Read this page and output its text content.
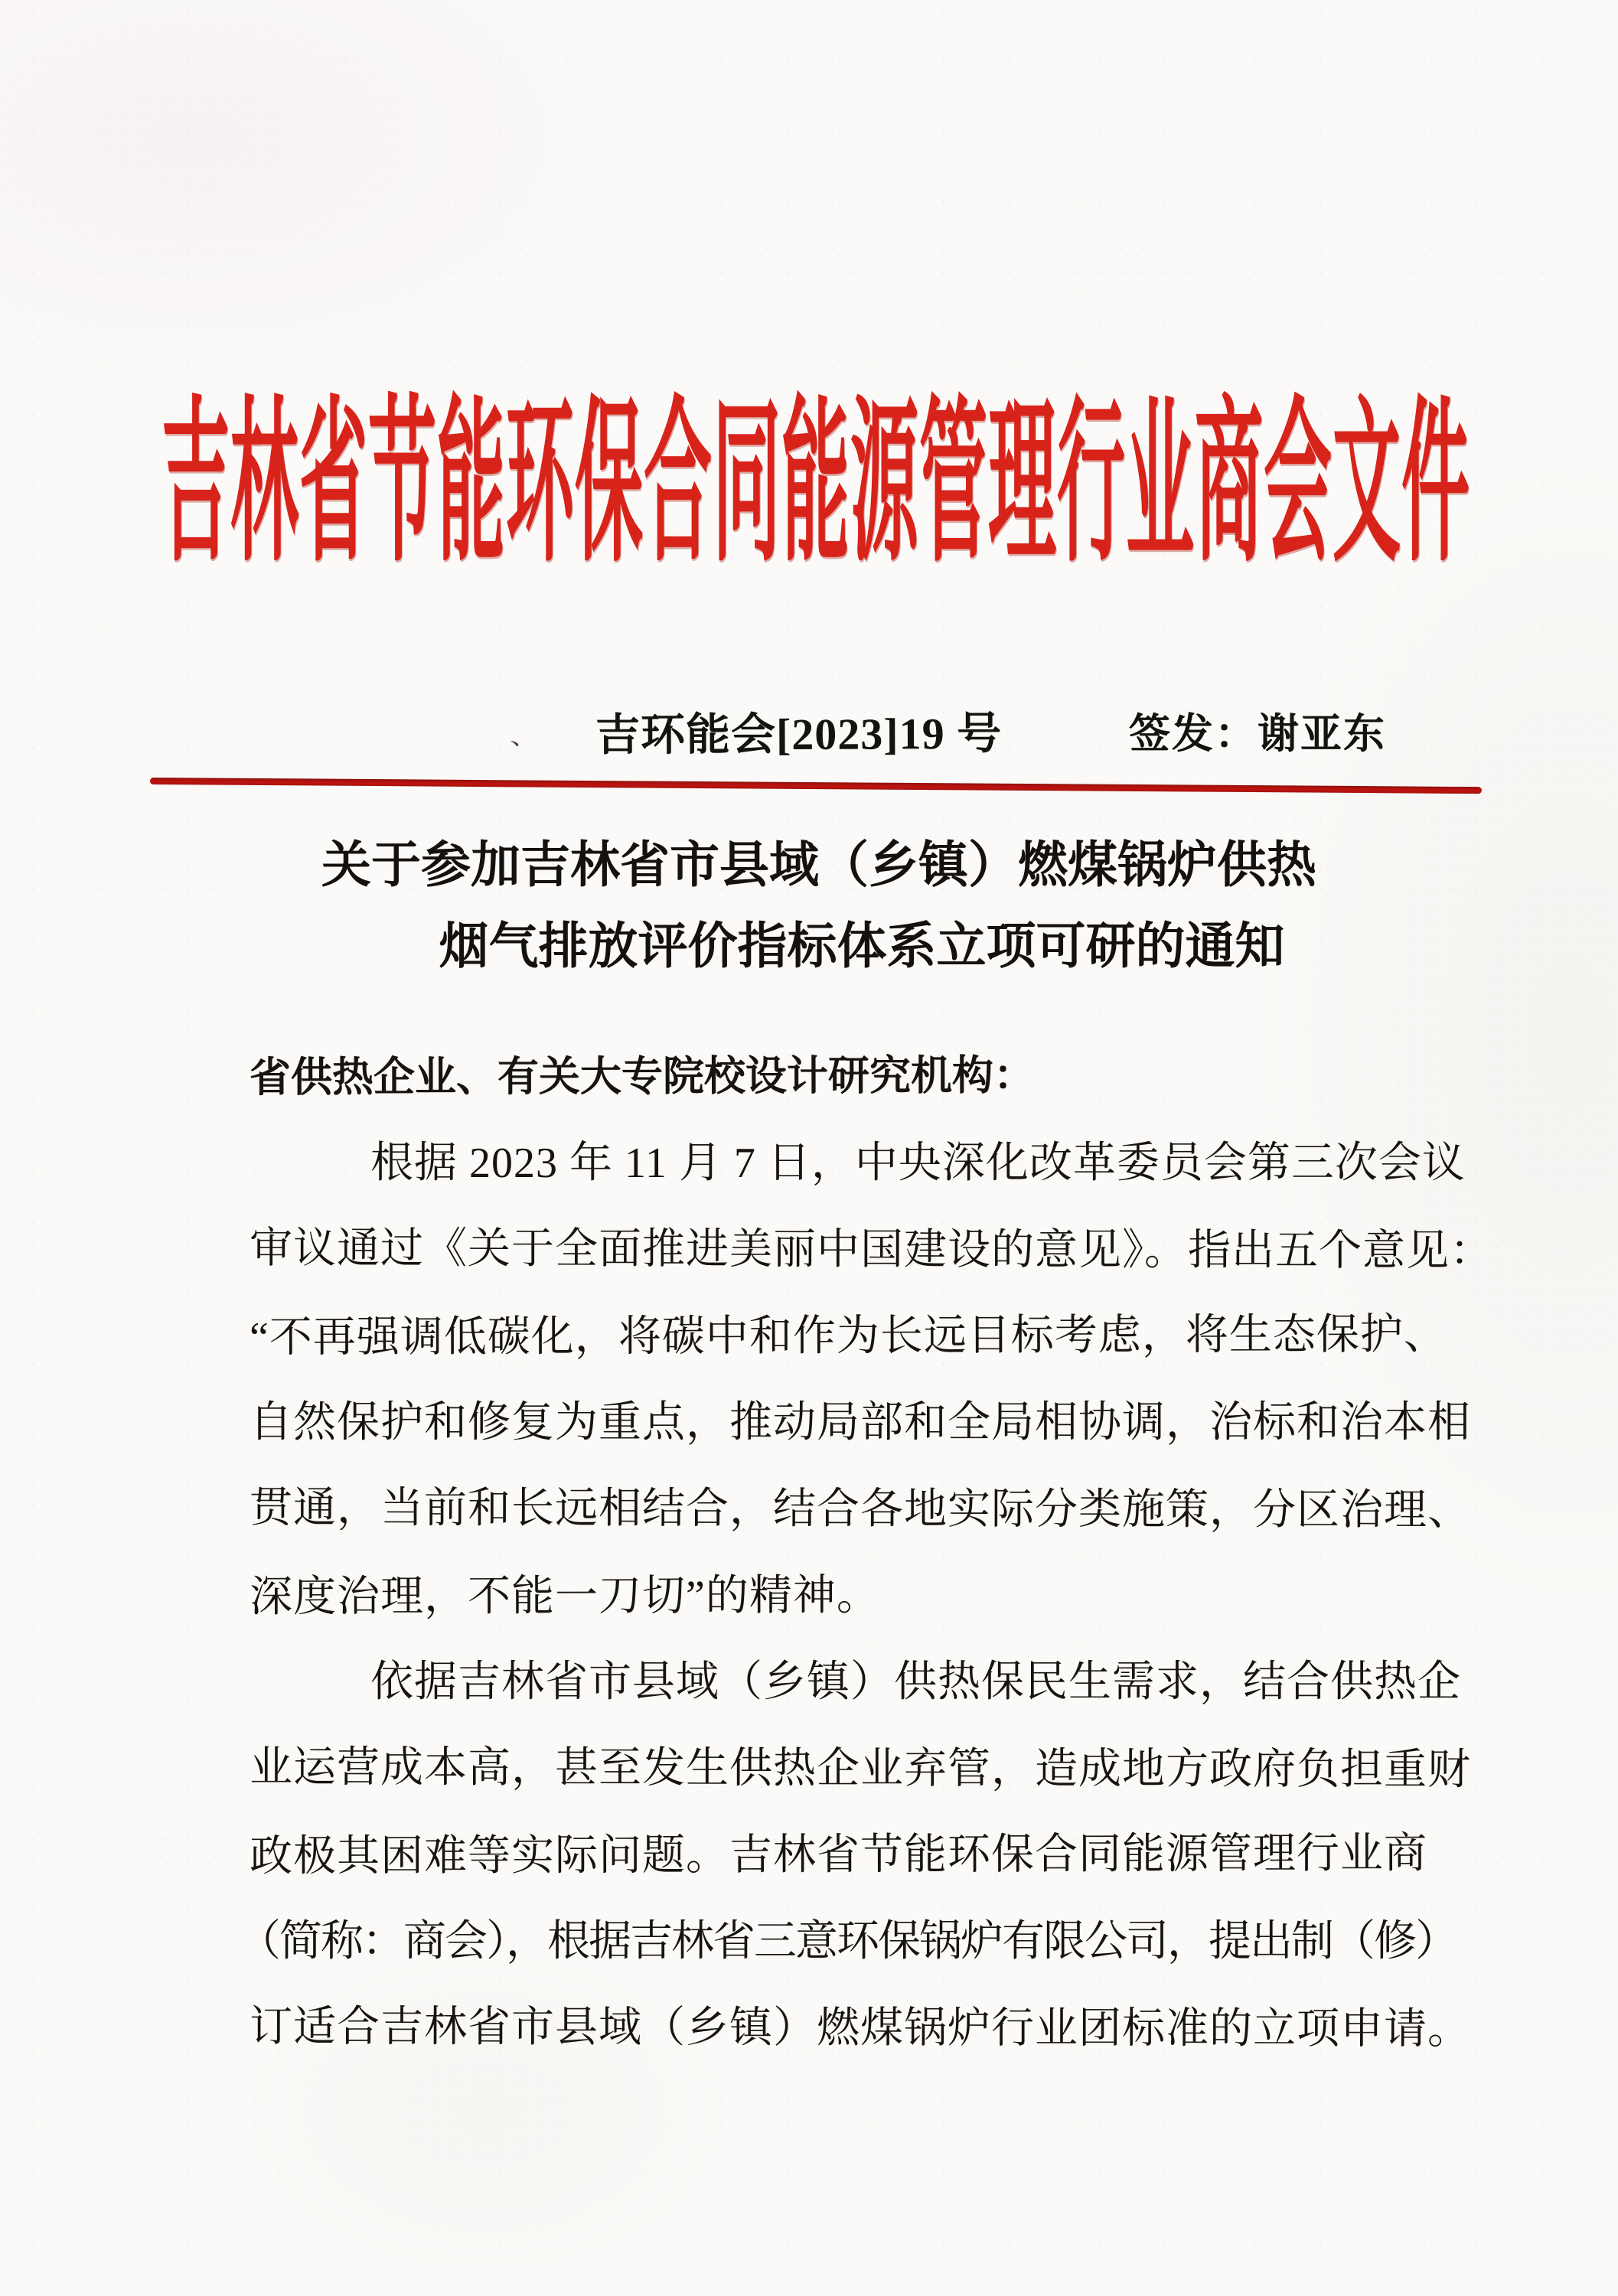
吉林省节能环保合同能源管理行业商会文件
、 吉环能会[2023]19 号	签发：谢亚东
关于参加吉林省市县域（乡镇）燃煤锅炉供热
烟气排放评价指标体系立项可研的通知
省供热企业、有关大专院校设计研究机构：
根据 2023 年 11 月 7 日，中央深化改革委员会第三次会议
审议通过《关于全面推进美丽中国建设的意见》。指出五个意见：
“不再强调低碳化，将碳中和作为长远目标考虑，将生态保护、
自然保护和修复为重点，推动局部和全局相协调，治标和治本相
贯通，当前和长远相结合，结合各地实际分类施策，分区治理、
深度治理，不能一刀切”的精神。
依据吉林省市县域（乡镇）供热保民生需求，结合供热企
业运营成本高，甚至发生供热企业弃管，造成地方政府负担重财
政极其困难等实际问题。吉林省节能环保合同能源管理行业商
（简称：商会），根据吉林省三意环保锅炉有限公司，提出制（修）
订适合吉林省市县域（乡镇）燃煤锅炉行业团标准的立项申请。
